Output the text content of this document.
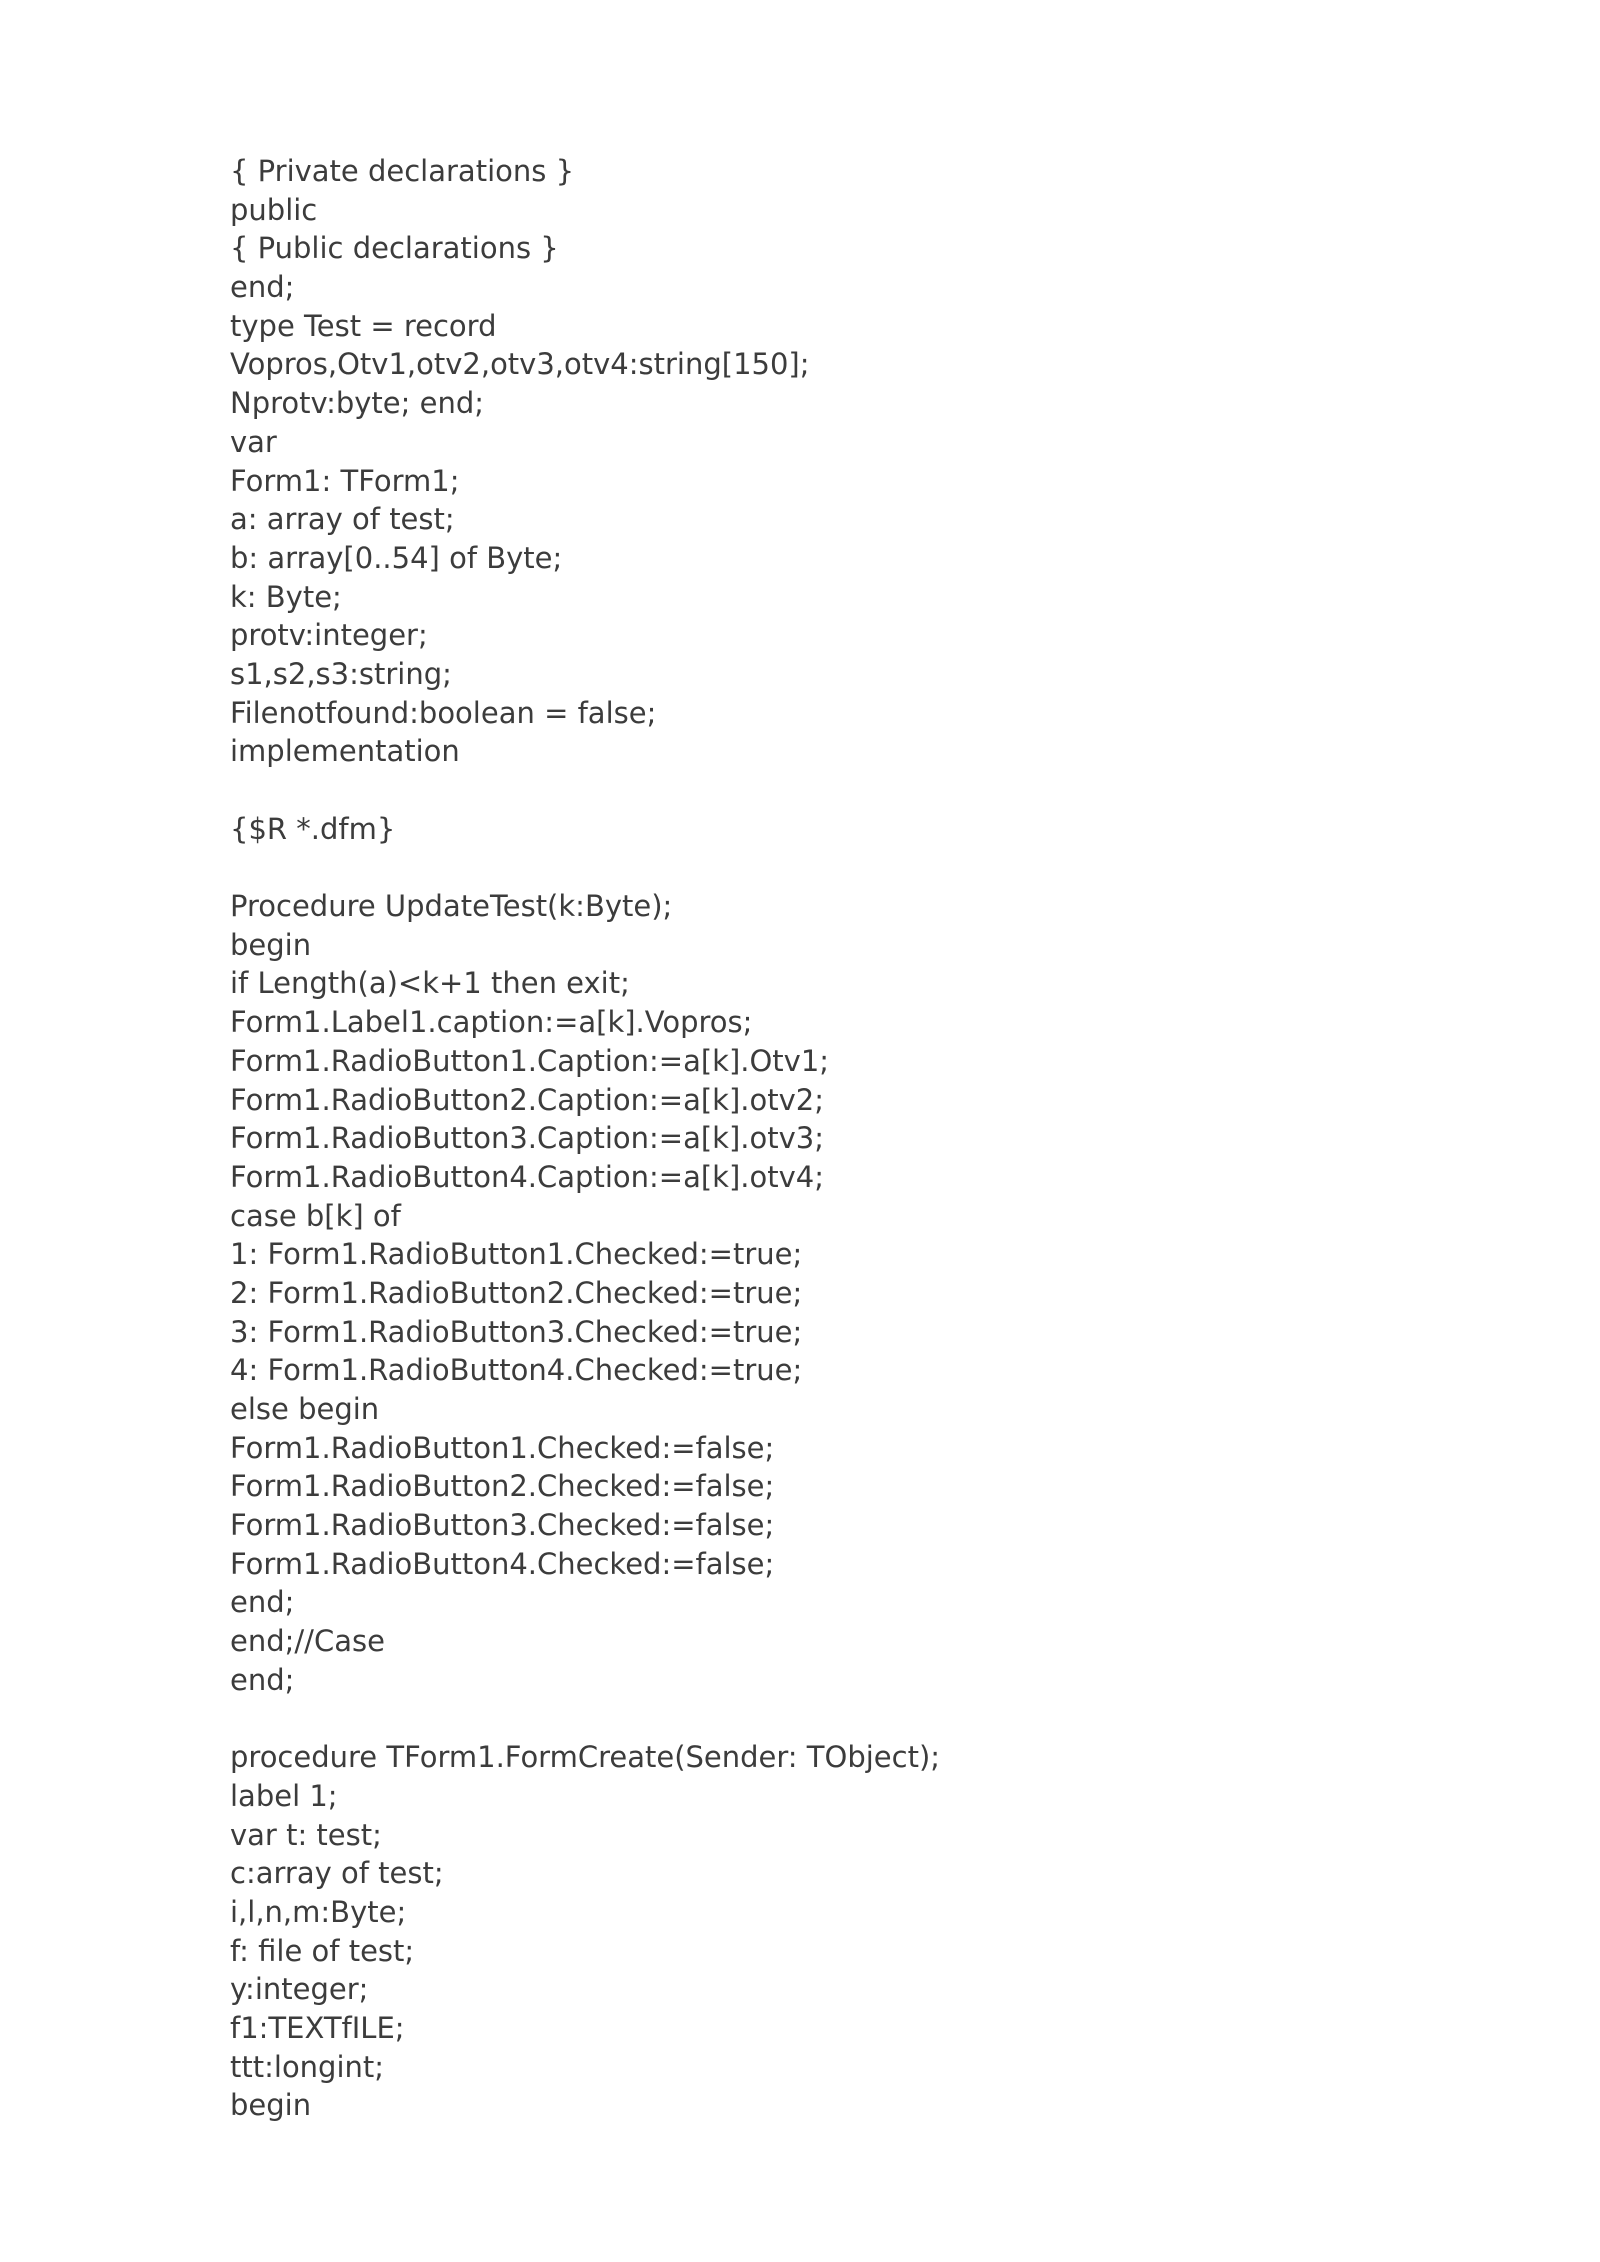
{ Private declarations }
public
{ Public declarations }
end;
type Test = record
Vopros,Otv1,otv2,otv3,otv4:string[150];
Nprotv:byte; end;
var
Form1: TForm1;
a: array of test;
b: array[0..54] of Byte;
k: Byte;
protv:integer;
s1,s2,s3:string;
Filenotfound:boolean = false;
implementation
{$R *.dfm}
Procedure UpdateTest(k:Byte);
begin
if Length(a)<k+1 then exit;
Form1.Label1.caption:=a[k].Vopros;
Form1.RadioButton1.Caption:=a[k].Otv1;
Form1.RadioButton2.Caption:=a[k].otv2;
Form1.RadioButton3.Caption:=a[k].otv3;
Form1.RadioButton4.Caption:=a[k].otv4;
case b[k] of
1: Form1.RadioButton1.Checked:=true;
2: Form1.RadioButton2.Checked:=true;
3: Form1.RadioButton3.Checked:=true;
4: Form1.RadioButton4.Checked:=true;
else begin
Form1.RadioButton1.Checked:=false;
Form1.RadioButton2.Checked:=false;
Form1.RadioButton3.Checked:=false;
Form1.RadioButton4.Checked:=false;
end;
end;//Case
end;
procedure TForm1.FormCreate(Sender: TObject);
label 1;
var t: test;
c:array of test;
i,l,n,m:Byte;
f: file of test;
y:integer;
f1:TEXTfILE;
ttt:longint;
begin
